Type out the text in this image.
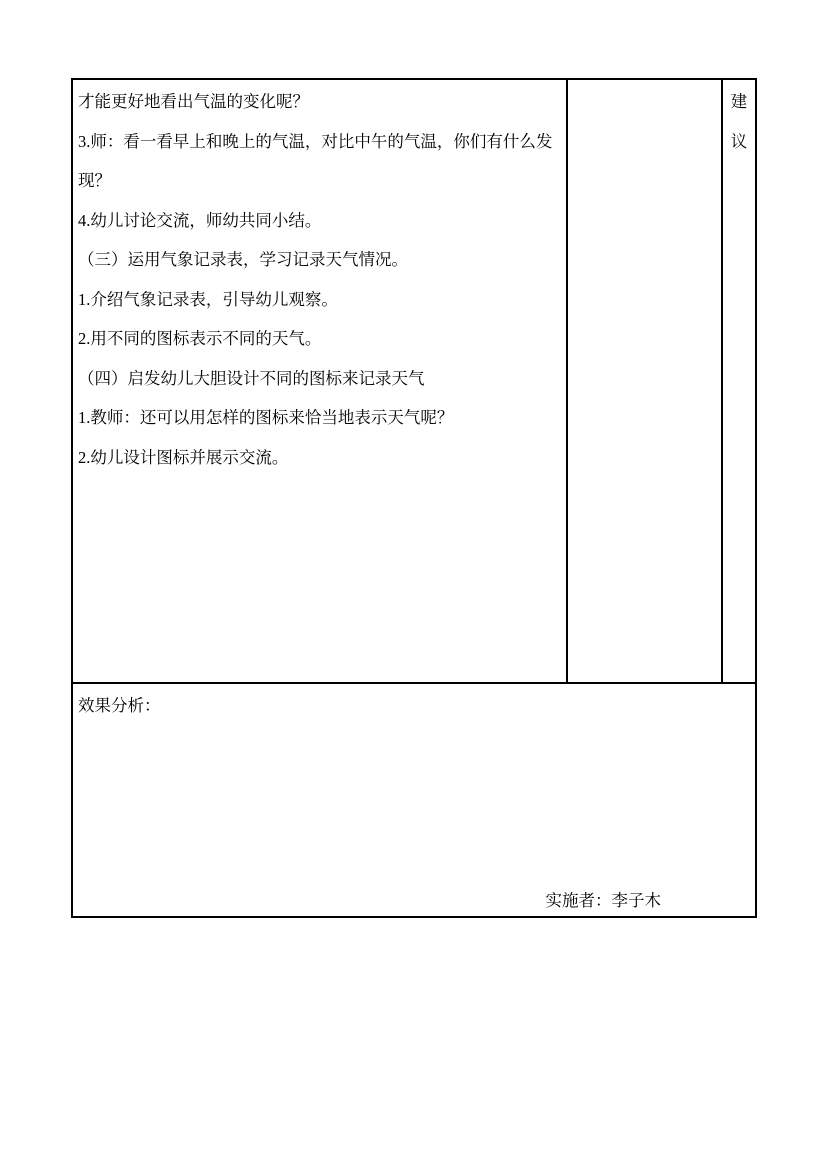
才能更好地看出气温的变化呢？

3.师：看一看早上和晚上的气温，对比中午的气温，你们有什么发

现？

4.幼儿讨论交流，师幼共同小结。

（三）运用气象记录表，学习记录天气情况。

1.介绍气象记录表，引导幼儿观察。

2.用不同的图标表示不同的天气。

（四）启发幼儿大胆设计不同的图标来记录天气

1.教师：还可以用怎样的图标来恰当地表示天气呢？

2.幼儿设计图标并展示交流。

建议
效果分析：
实施者：李子木
